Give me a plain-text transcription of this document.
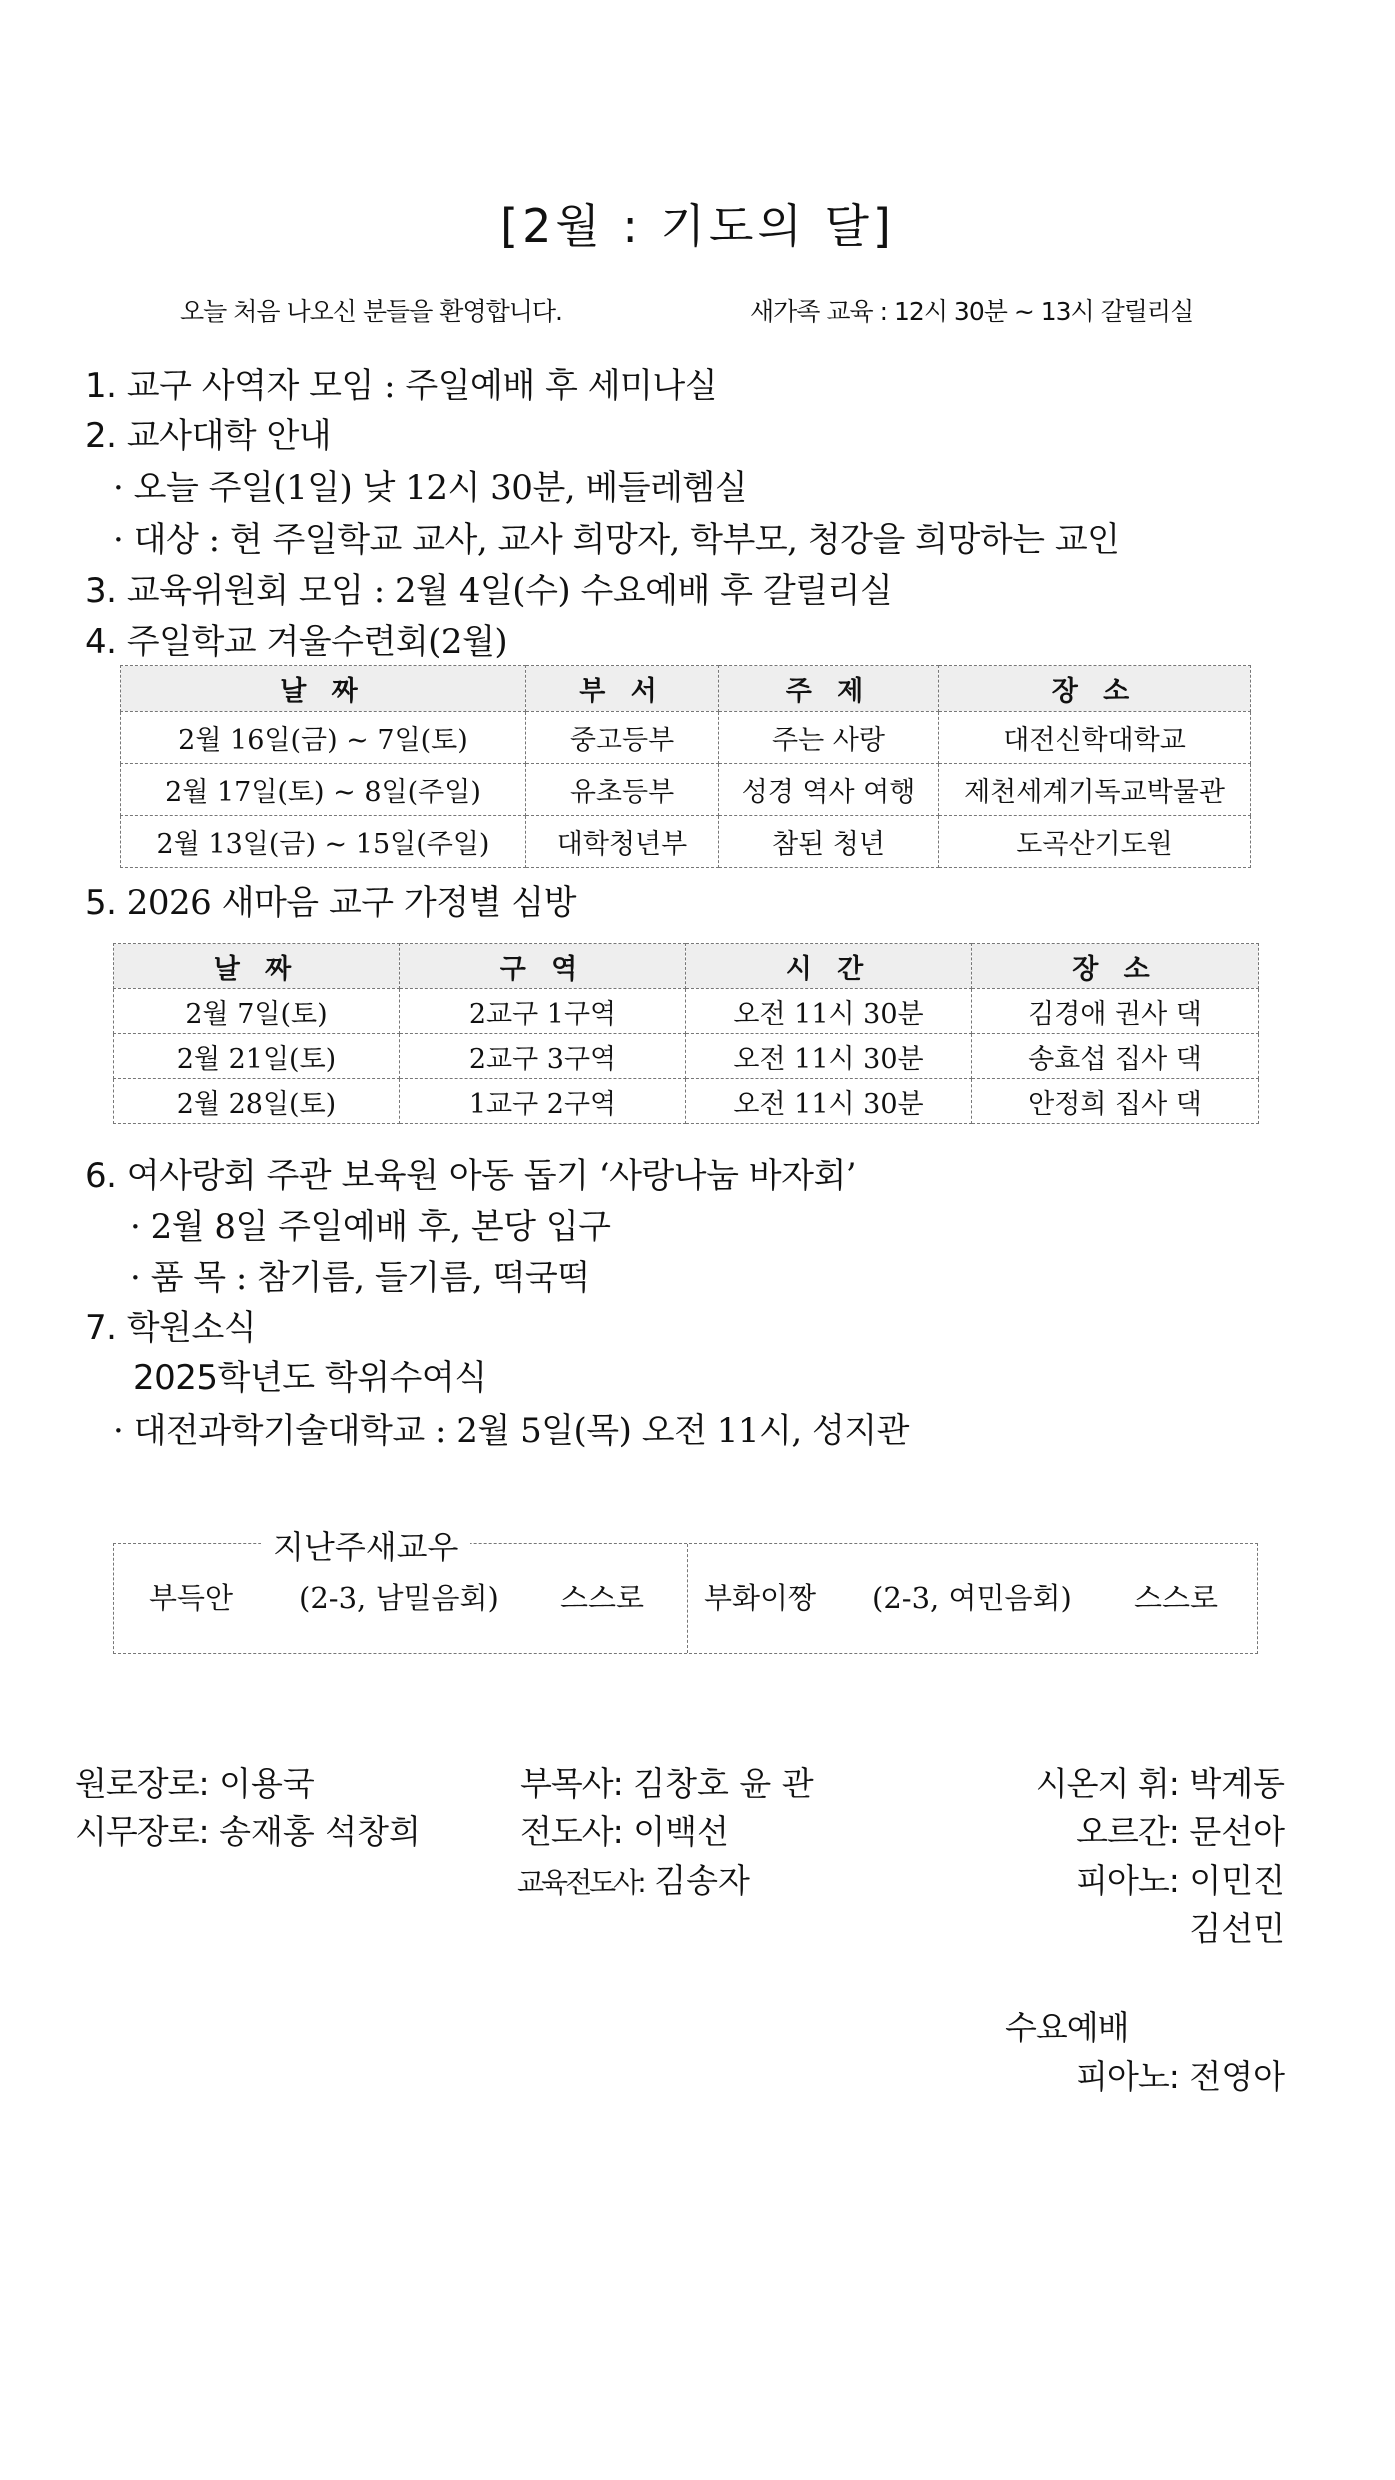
[2월 : 기도의 달]
오늘 처음 나오신 분들을 환영합니다.	새가족 교육 : 12시 30분 ~ 13시 갈릴리실
1. 교구 사역자 모임 : 주일예배 후 세미나실
2. 교사대학 안내
· 오늘 주일(1일) 낮 12시 30분, 베들레헴실
· 대상 : 현 주일학교 교사, 교사 희망자, 학부모, 청강을 희망하는 교인
3. 교육위원회 모임 : 2월 4일(수) 수요예배 후 갈릴리실
4. 주일학교 겨울수련회(2월)
날 짜	부 서	주 제	장 소
2월 16일(금) ~ 7일(토)	중고등부	주는 사랑	대전신학대학교
2월 17일(토) ~ 8일(주일)	유초등부	성경 역사 여행	제천세계기독교박물관
2월 13일(금) ~ 15일(주일)	대학청년부	참된 청년	도곡산기도원
5. 2026 새마음 교구 가정별 심방
날 짜	구 역	시 간	장 소
2월 7일(토)	2교구 1구역	오전 11시 30분	김경애 권사 댁
2월 21일(토)	2교구 3구역	오전 11시 30분	송효섭 집사 댁
2월 28일(토)	1교구 2구역	오전 11시 30분	안정희 집사 댁
6. 여사랑회 주관 보육원 아동 돕기 ‘사랑나눔 바자회’
· 2월 8일 주일예배 후, 본당 입구
· 품 목 : 참기름, 들기름, 떡국떡
7. 학원소식
2025학년도 학위수여식
· 대전과학기술대학교 : 2월 5일(목) 오전 11시, 성지관
지난주새교우
부득안 (2-3, 남밀음회) 스스로 부화이짱 (2-3, 여민음회) 스스로
원로장로: 이용국
시무장로: 송재홍 석창희
부목사: 김창호 윤 관
전도사: 이백선
교육전도사: 김송자
시온지 휘: 박계동
오르간: 문선아
피아노: 이민진
김선민
수요예배
피아노: 전영아
